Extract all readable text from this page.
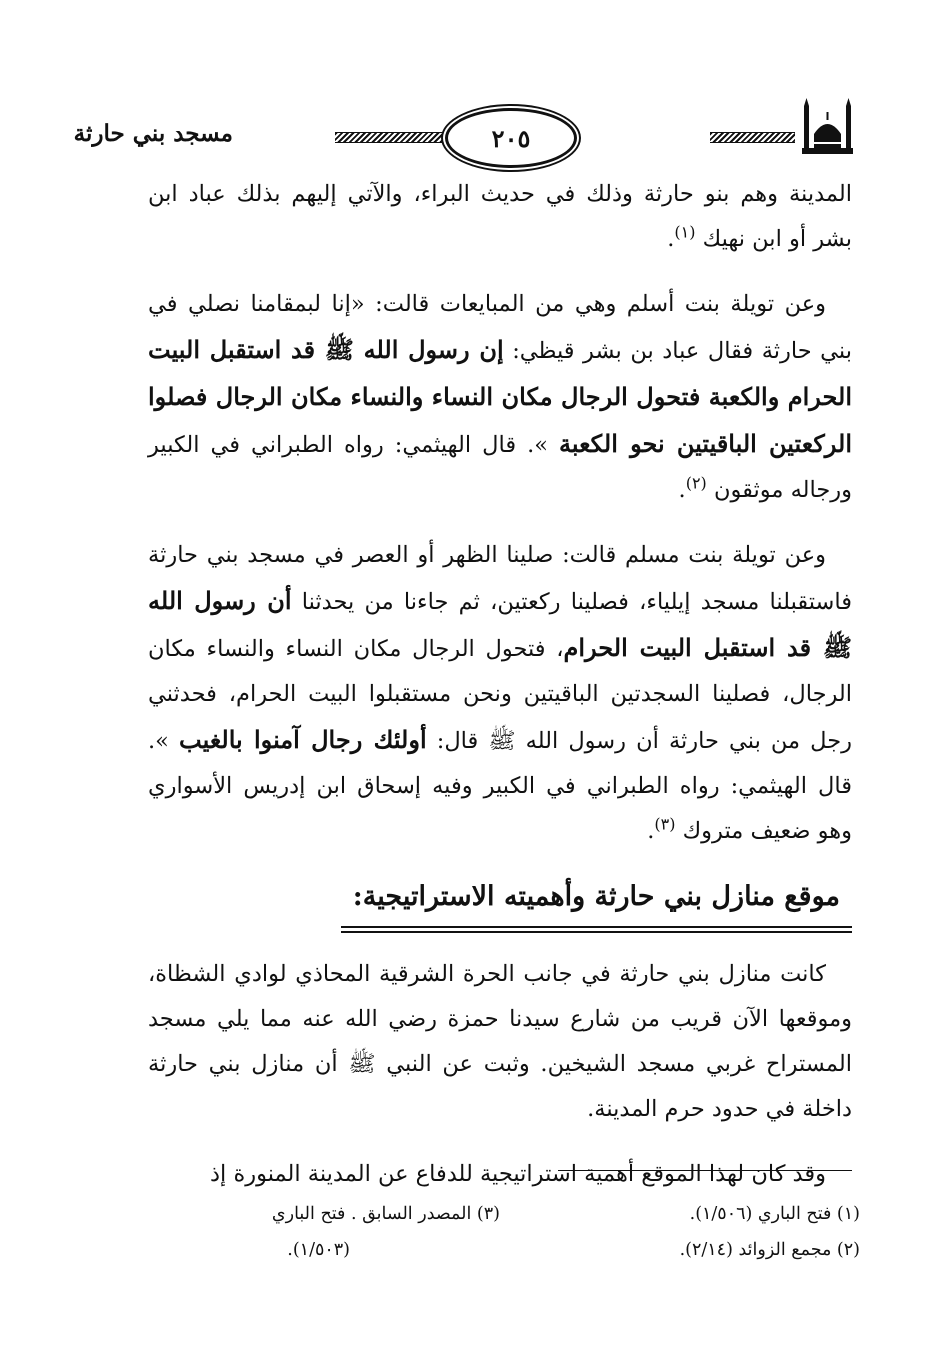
مسجد بني حارثة	٢٠٥

المدينة وهم بنو حارثة وذلك في حديث البراء، والآتي إليهم بذلك عباد ابن بشر أو ابن نهيك $^{(١)}$.

وعن تويلة بنت أسلم وهي من المبايعات قالت: «إنا لبمقامنا نصلي في بني حارثة فقال عباد بن بشر قيظي: إن رسول الله ﷺ قد استقبل البيت الحرام والكعبة فتحول الرجال مكان النساء والنساء مكان الرجال فصلوا الركعتين الباقيتين نحو الكعبة ». قال الهيثمي: رواه الطبراني في الكبير ورجاله موثقون $^{(٢)}$.

وعن تويلة بنت مسلم قالت: صلينا الظهر أو العصر في مسجد بني حارثة فاستقبلنا مسجد إيلياء، فصلينا ركعتين، ثم جاءنا من يحدثنا أن رسول الله ﷺ قد استقبل البيت الحرام، فتحول الرجال مكان النساء والنساء مكان الرجال، فصلينا السجدتين الباقيتين ونحن مستقبلوا البيت الحرام، فحدثني رجل من بني حارثة أن رسول الله ﷺ قال: أولئك رجال آمنوا بالغيب ». قال الهيثمي: رواه الطبراني في الكبير وفيه إسحاق ابن إدريس الأسواري وهو ضعيف متروك $^{(٣)}$.

موقع منازل بني حارثة وأهميته الاستراتيجية:

كانت منازل بني حارثة في جانب الحرة الشرقية المحاذي لوادي الشظاة، وموقعها الآن قريب من شارع سيدنا حمزة رضي الله عنه مما يلي مسجد المستراح غربي مسجد الشيخين. وثبت عن النبي ﷺ أن منازل بني حارثة داخلة في حدود حرم المدينة.

وقد كان لهذا الموقع أهمية استراتيجية للدفاع عن المدينة المنورة إذ

(١) فتح الباري (١/٥٠٦).
(٢) مجمع الزوائد (٢/١٤).
(٣) المصدر السابق . فتح الباري
(١/٥٠٣).
